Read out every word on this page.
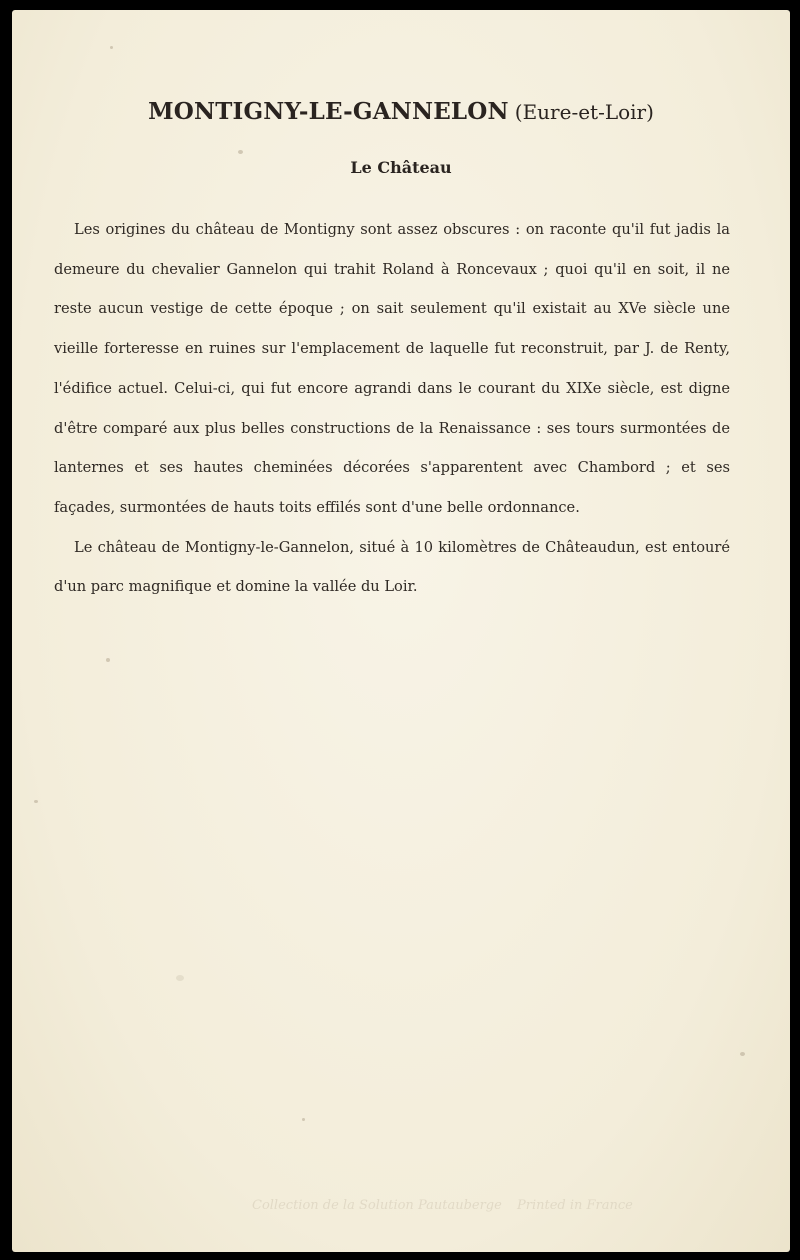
MONTIGNY-LE-GANNELON (Eure-et-Loir)
Le Château

Les origines du château de Montigny sont assez obscures : on raconte qu'il fut jadis la demeure du chevalier Gannelon qui trahit Roland à Roncevaux ; quoi qu'il en soit, il ne reste aucun vestige de cette époque ; on sait seulement qu'il existait au XVe siècle une vieille forteresse en ruines sur l'emplacement de laquelle fut reconstruit, par J. de Renty, l'édifice actuel. Celui-ci, qui fut encore agrandi dans le courant du XIXe siècle, est digne d'être comparé aux plus belles constructions de la Renaissance : ses tours surmontées de lanternes et ses hautes cheminées décorées s'apparentent avec Chambord ; et ses façades, surmontées de hauts toits effilés sont d'une belle ordonnance.

Le château de Montigny-le-Gannelon, situé à 10 kilomètres de Châteaudun, est entouré d'un parc magnifique et domine la vallée du Loir.

Collection de la Solution Pautauberge Printed in France
